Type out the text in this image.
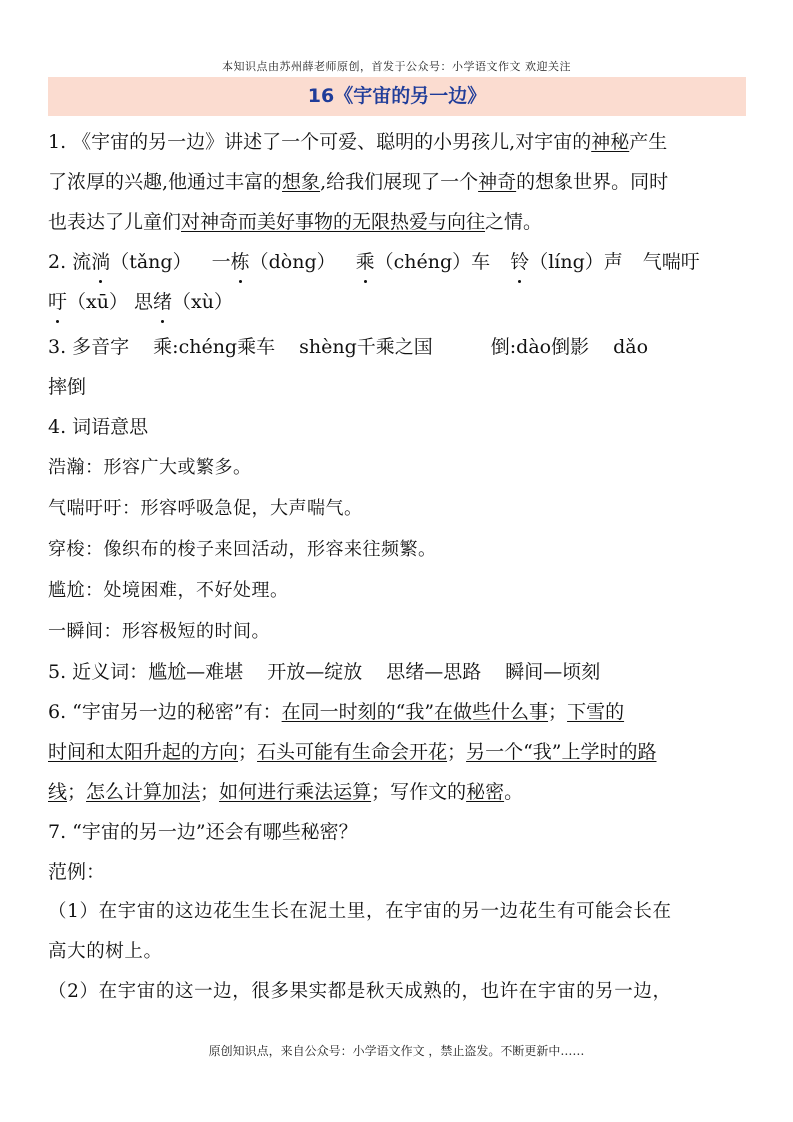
本知识点由苏州薛老师原创，首发于公众号：小学语文作文 欢迎关注
16《宇宙的另一边》
1. 《宇宙的另一边》讲述了一个可爱、聪明的小男孩儿,对宇宙的神秘产生
了浓厚的兴趣,他通过丰富的想象,给我们展现了一个神奇的想象世界。同时
也表达了儿童们对神奇而美好事物的无限热爱与向往之情。
2. 流淌（tǎng） 一栋（dòng） 乘（chéng）车 铃（líng）声 气喘吁
吁（xū） 思绪（xù）
3. 多音字 乘:chéng乘车 shèng千乘之国	倒:dào倒影 dǎo
摔倒
4. 词语意思
浩瀚：形容广大或繁多。
气喘吁吁：形容呼吸急促，大声喘气。
穿梭：像织布的梭子来回活动，形容来往频繁。
尴尬：处境困难，不好处理。
一瞬间：形容极短的时间。
5. 近义词：尴尬—难堪 开放—绽放 思绪—思路 瞬间—顷刻
6. “宇宙另一边的秘密”有：在同一时刻的“我”在做些什么事；下雪的
时间和太阳升起的方向；石头可能有生命会开花；另一个“我”上学时的路
线；怎么计算加法；如何进行乘法运算；写作文的秘密。
7. “宇宙的另一边”还会有哪些秘密？
范例：
（1）在宇宙的这边花生生长在泥土里，在宇宙的另一边花生有可能会长在
高大的树上。
（2）在宇宙的这一边，很多果实都是秋天成熟的，也许在宇宙的另一边，
原创知识点，来自公众号：小学语文作文 ，禁止盗发。不断更新中……
